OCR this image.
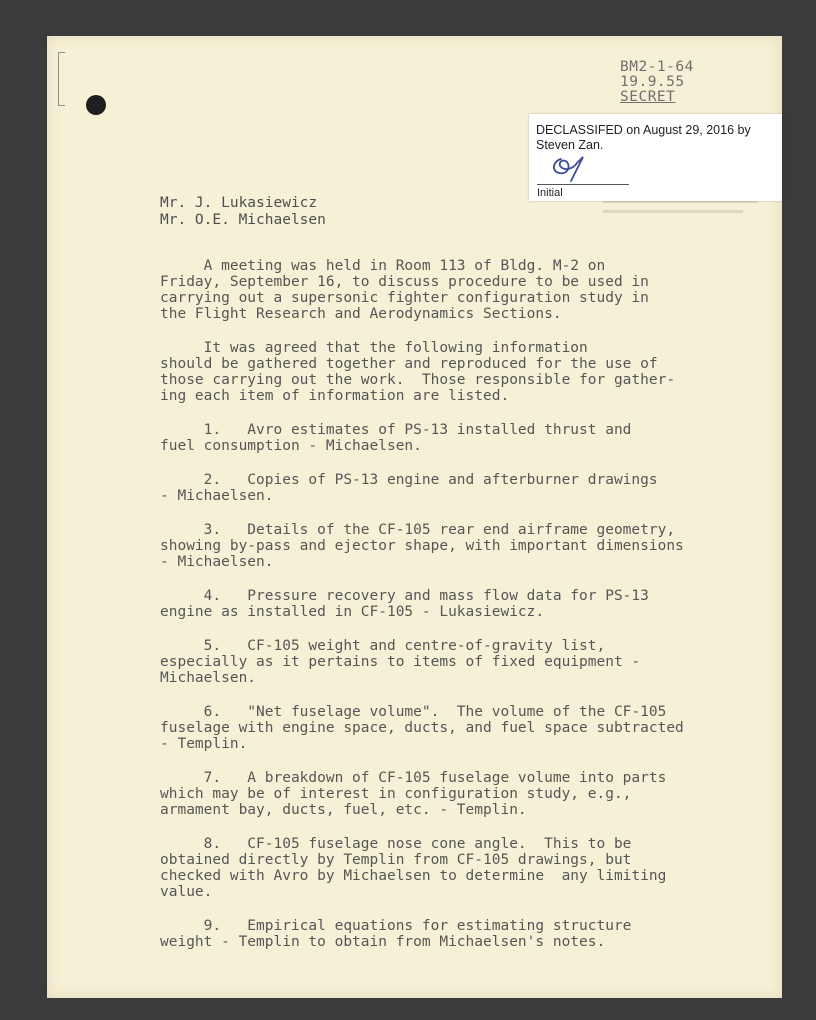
BM2-1-64
19.9.55
SECRET
DECLASSIFED on August 29, 2016 by
Steven Zan.
Initial
Mr. J. Lukasiewicz
Mr. O.E. Michaelsen
A meeting was held in Room 113 of Bldg. M-2 on
Friday, September 16, to discuss procedure to be used in
carrying out a supersonic fighter configuration study in
the Flight Research and Aerodynamics Sections.
It was agreed that the following information
should be gathered together and reproduced for the use of
those carrying out the work.  Those responsible for gather-
ing each item of information are listed.
1.   Avro estimates of PS-13 installed thrust and
fuel consumption - Michaelsen.
2.   Copies of PS-13 engine and afterburner drawings
- Michaelsen.
3.   Details of the CF-105 rear end airframe geometry,
showing by-pass and ejector shape, with important dimensions
- Michaelsen.
4.   Pressure recovery and mass flow data for PS-13
engine as installed in CF-105 - Lukasiewicz.
5.   CF-105 weight and centre-of-gravity list,
especially as it pertains to items of fixed equipment -
Michaelsen.
6.   "Net fuselage volume".  The volume of the CF-105
fuselage with engine space, ducts, and fuel space subtracted
- Templin.
7.   A breakdown of CF-105 fuselage volume into parts
which may be of interest in configuration study, e.g.,
armament bay, ducts, fuel, etc. - Templin.
8.   CF-105 fuselage nose cone angle.  This to be
obtained directly by Templin from CF-105 drawings, but
checked with Avro by Michaelsen to determine  any limiting
value.
9.   Empirical equations for estimating structure
weight - Templin to obtain from Michaelsen's notes.
